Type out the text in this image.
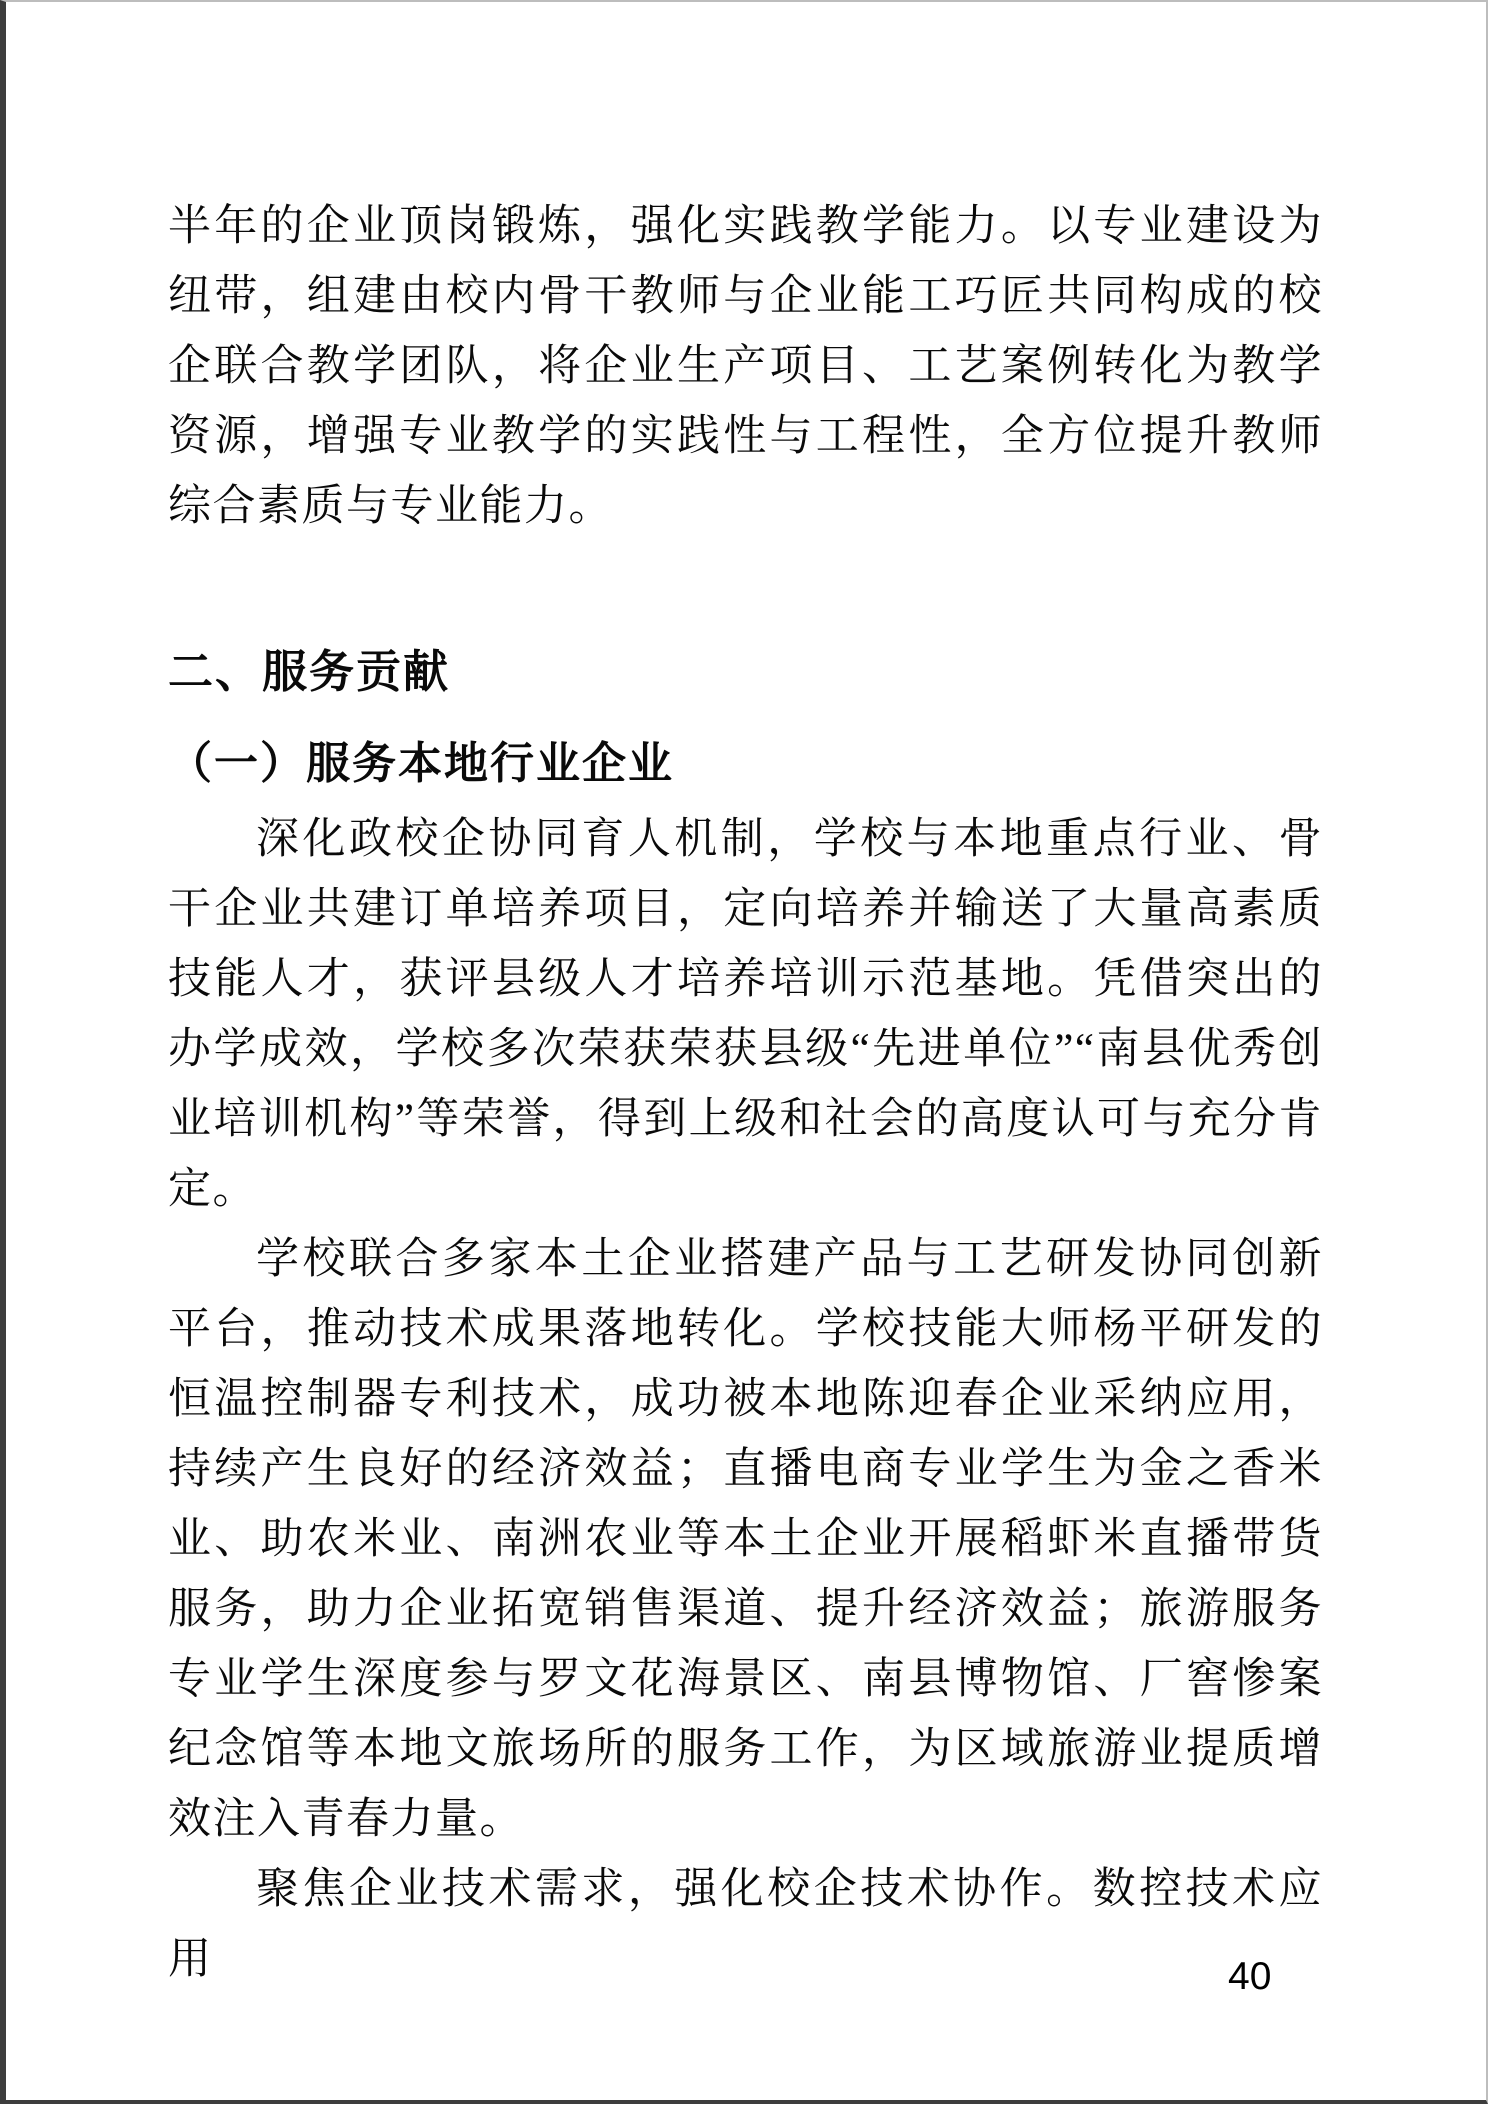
半年的企业顶岗锻炼，强化实践教学能力。以专业建设为纽带，组建由校内骨干教师与企业能工巧匠共同构成的校企联合教学团队，将企业生产项目、工艺案例转化为教学资源，增强专业教学的实践性与工程性，全方位提升教师综合素质与专业能力。

二、服务贡献
（一）服务本地行业企业

深化政校企协同育人机制，学校与本地重点行业、骨干企业共建订单培养项目，定向培养并输送了大量高素质技能人才，获评县级人才培养培训示范基地。凭借突出的办学成效，学校多次荣获荣获县级“先进单位”“南县优秀创业培训机构”等荣誉，得到上级和社会的高度认可与充分肯定。

学校联合多家本土企业搭建产品与工艺研发协同创新平台，推动技术成果落地转化。学校技能大师杨平研发的恒温控制器专利技术，成功被本地陈迎春企业采纳应用，持续产生良好的经济效益；直播电商专业学生为金之香米业、助农米业、南洲农业等本土企业开展稻虾米直播带货服务，助力企业拓宽销售渠道、提升经济效益；旅游服务专业学生深度参与罗文花海景区、南县博物馆、厂窖惨案纪念馆等本地文旅场所的服务工作，为区域旅游业提质增效注入青春力量。

聚焦企业技术需求，强化校企技术协作。数控技术应用	40
